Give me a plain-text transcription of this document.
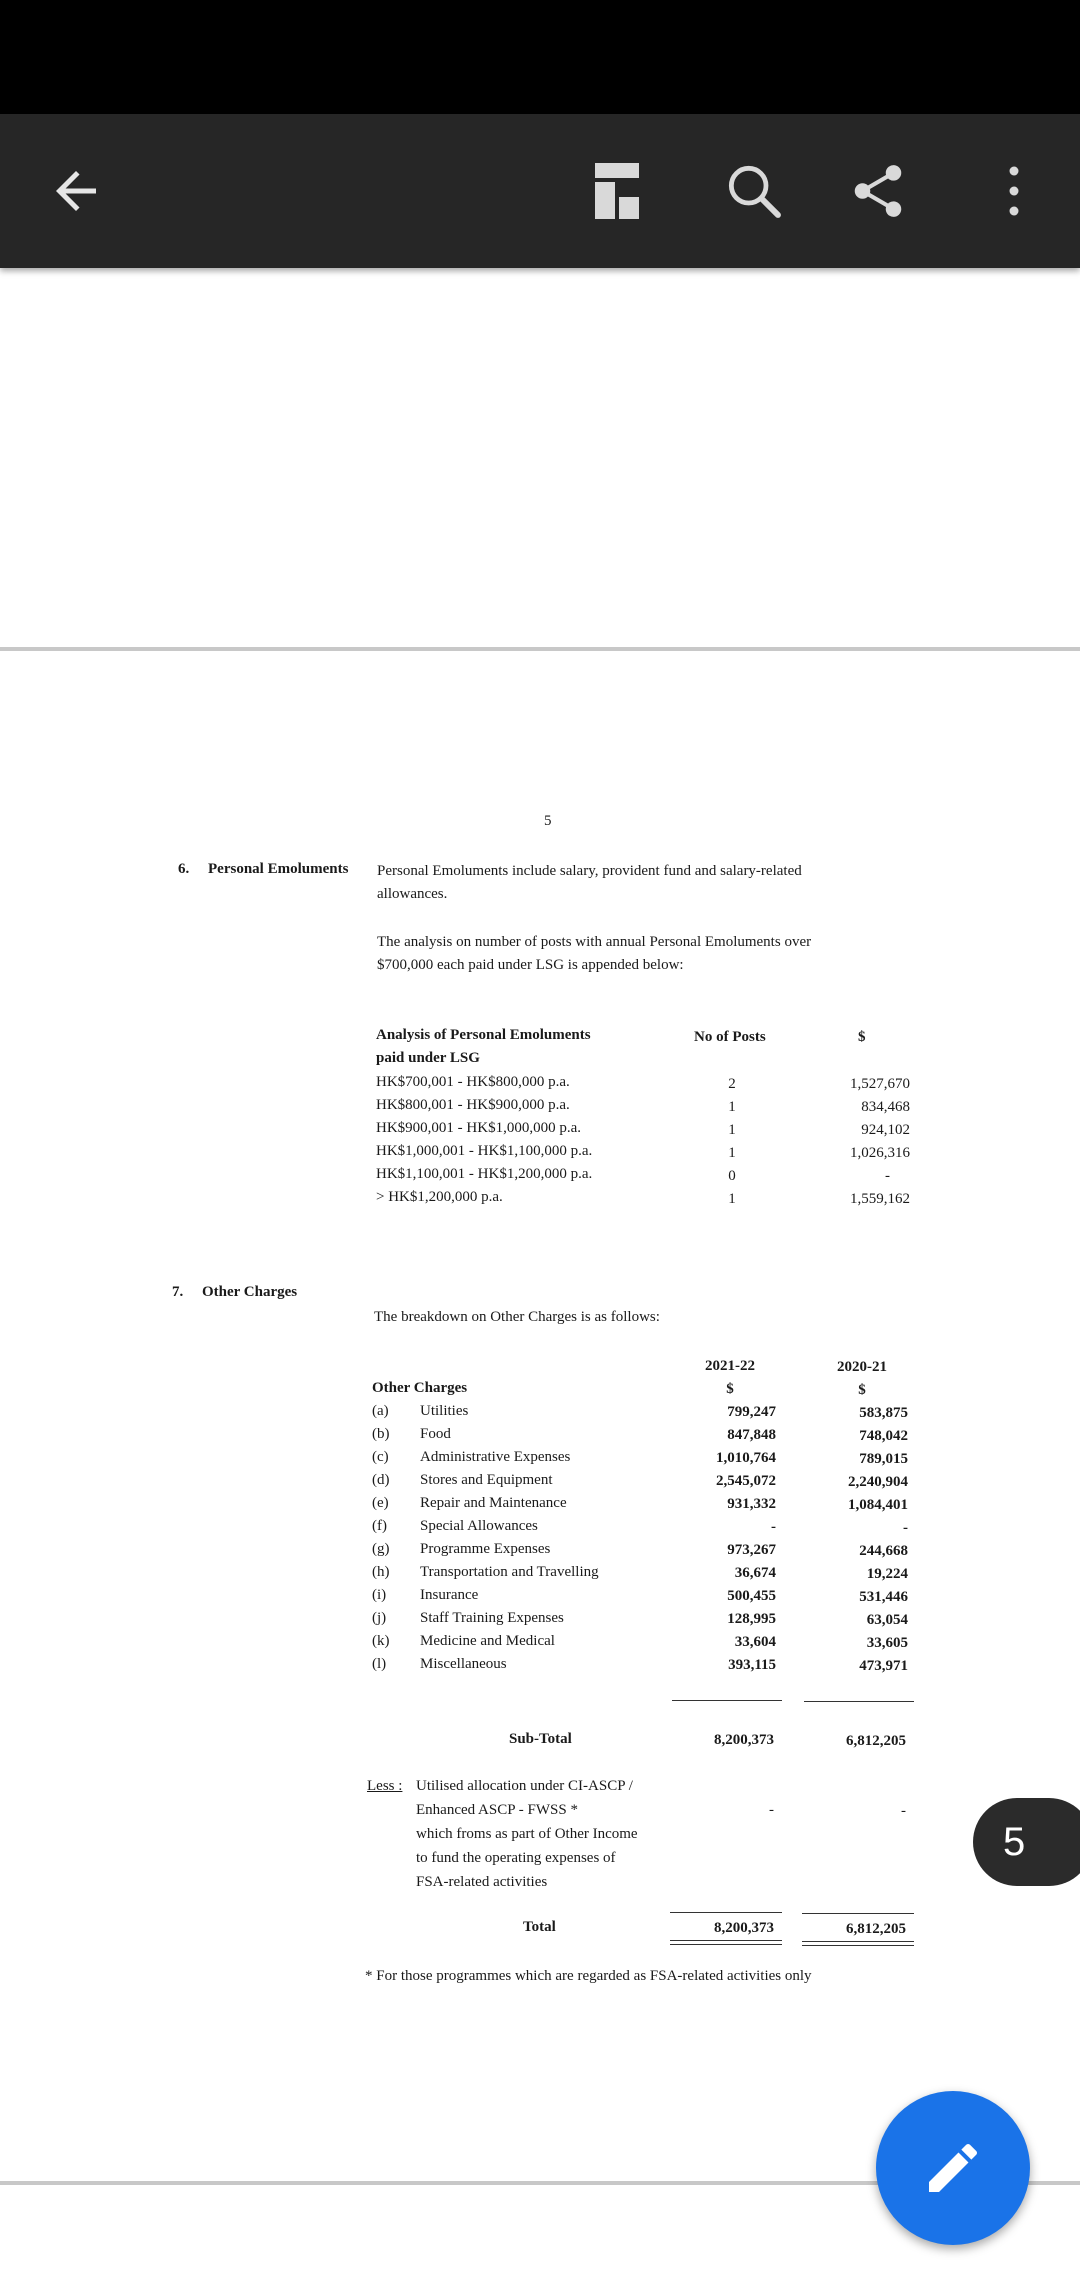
5
6. Personal Emoluments Personal Emoluments include salary, provident fund and salary-related
allowances.
The analysis on number of posts with annual Personal Emoluments over
$700,000 each paid under LSG is appended below:
Analysis of Personal Emoluments
paid under LSG
No of Posts	$
HK$700,001 - HK$800,000 p.a.	2	1,527,670
HK$800,001 - HK$900,000 p.a.	1	834,468
HK$900,001 - HK$1,000,000 p.a.	1	924,102
HK$1,000,001 - HK$1,100,000 p.a.	1	1,026,316
HK$1,100,001 - HK$1,200,000 p.a.	0	-
> HK$1,200,000 p.a.	1	1,559,162
7. Other Charges
The breakdown on Other Charges is as follows:
2021-22	2020-21
$	$
Other Charges
(a) Utilities	799,247	583,875
(b) Food	847,848	748,042
(c) Administrative Expenses	1,010,764	789,015
(d) Stores and Equipment	2,545,072	2,240,904
(e) Repair and Maintenance	931,332	1,084,401
(f) Special Allowances	-	-
(g) Programme Expenses	973,267	244,668
(h) Transportation and Travelling	36,674	19,224
(i) Insurance	500,455	531,446
(j) Staff Training Expenses	128,995	63,054
(k) Medicine and Medical	33,604	33,605
(l) Miscellaneous	393,115	473,971
Sub-Total	8,200,373	6,812,205
Less : Utilised allocation under CI-ASCP /
Enhanced ASCP - FWSS *
which froms as part of Other Income
to fund the operating expenses of
FSA-related activities
-	-
Total	8,200,373	6,812,205
* For those programmes which are regarded as FSA-related activities only
5
